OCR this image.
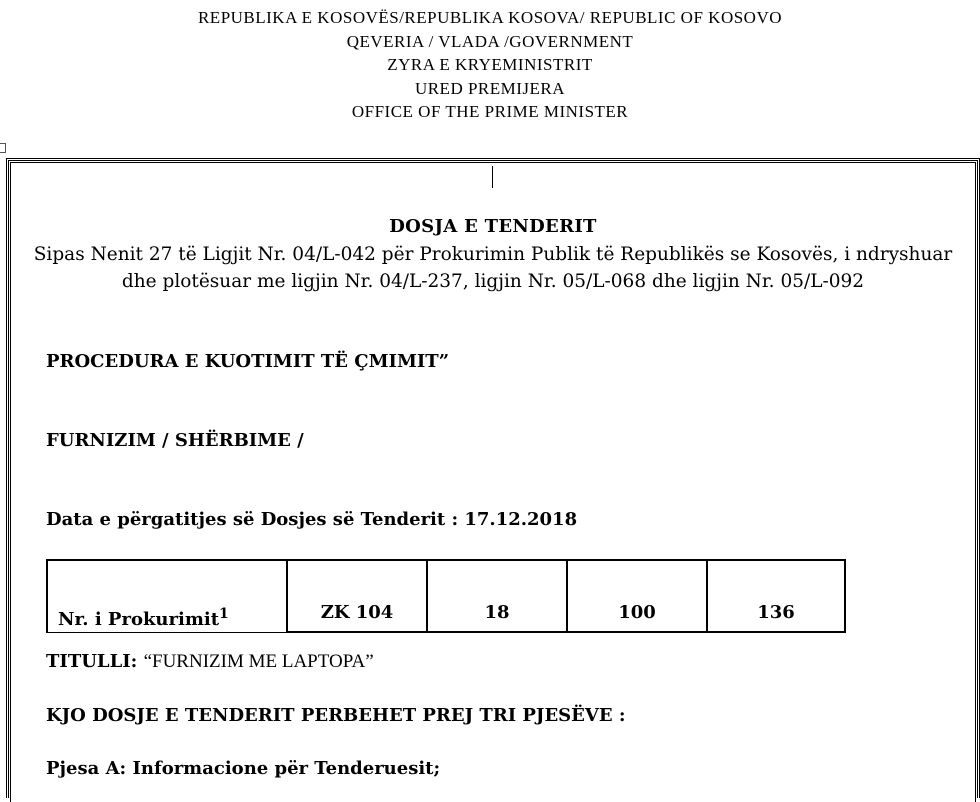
REPUBLIKA E KOSOVËS/REPUBLIKA KOSOVA/ REPUBLIC OF KOSOVO
QEVERIA / VLADA /GOVERNMENT
ZYRA E KRYEMINISTRIT
URED PREMIJERA
OFFICE OF THE PRIME MINISTER
DOSJA E TENDERIT
Sipas Nenit 27 të Ligjit Nr. 04/L-042 për Prokurimin Publik të Republikës se Kosovës, i ndryshuar dhe plotësuar me ligjin Nr. 04/L-237, ligjin Nr. 05/L-068 dhe ligjin Nr. 05/L-092
PROCEDURA E KUOTIMIT TË ÇMIMIT”
FURNIZIM / SHËRBIME /
Data e përgatitjes së Dosjes së Tenderit : 17.12.2018
Nr. i Prokurimit$^1$	ZK 104	18	100	136
TITULLI: “FURNIZIM ME LAPTOPA”
KJO DOSJE E TENDERIT PERBEHET PREJ TRI PJESËVE :
Pjesa A: Informacione për Tenderuesit;
